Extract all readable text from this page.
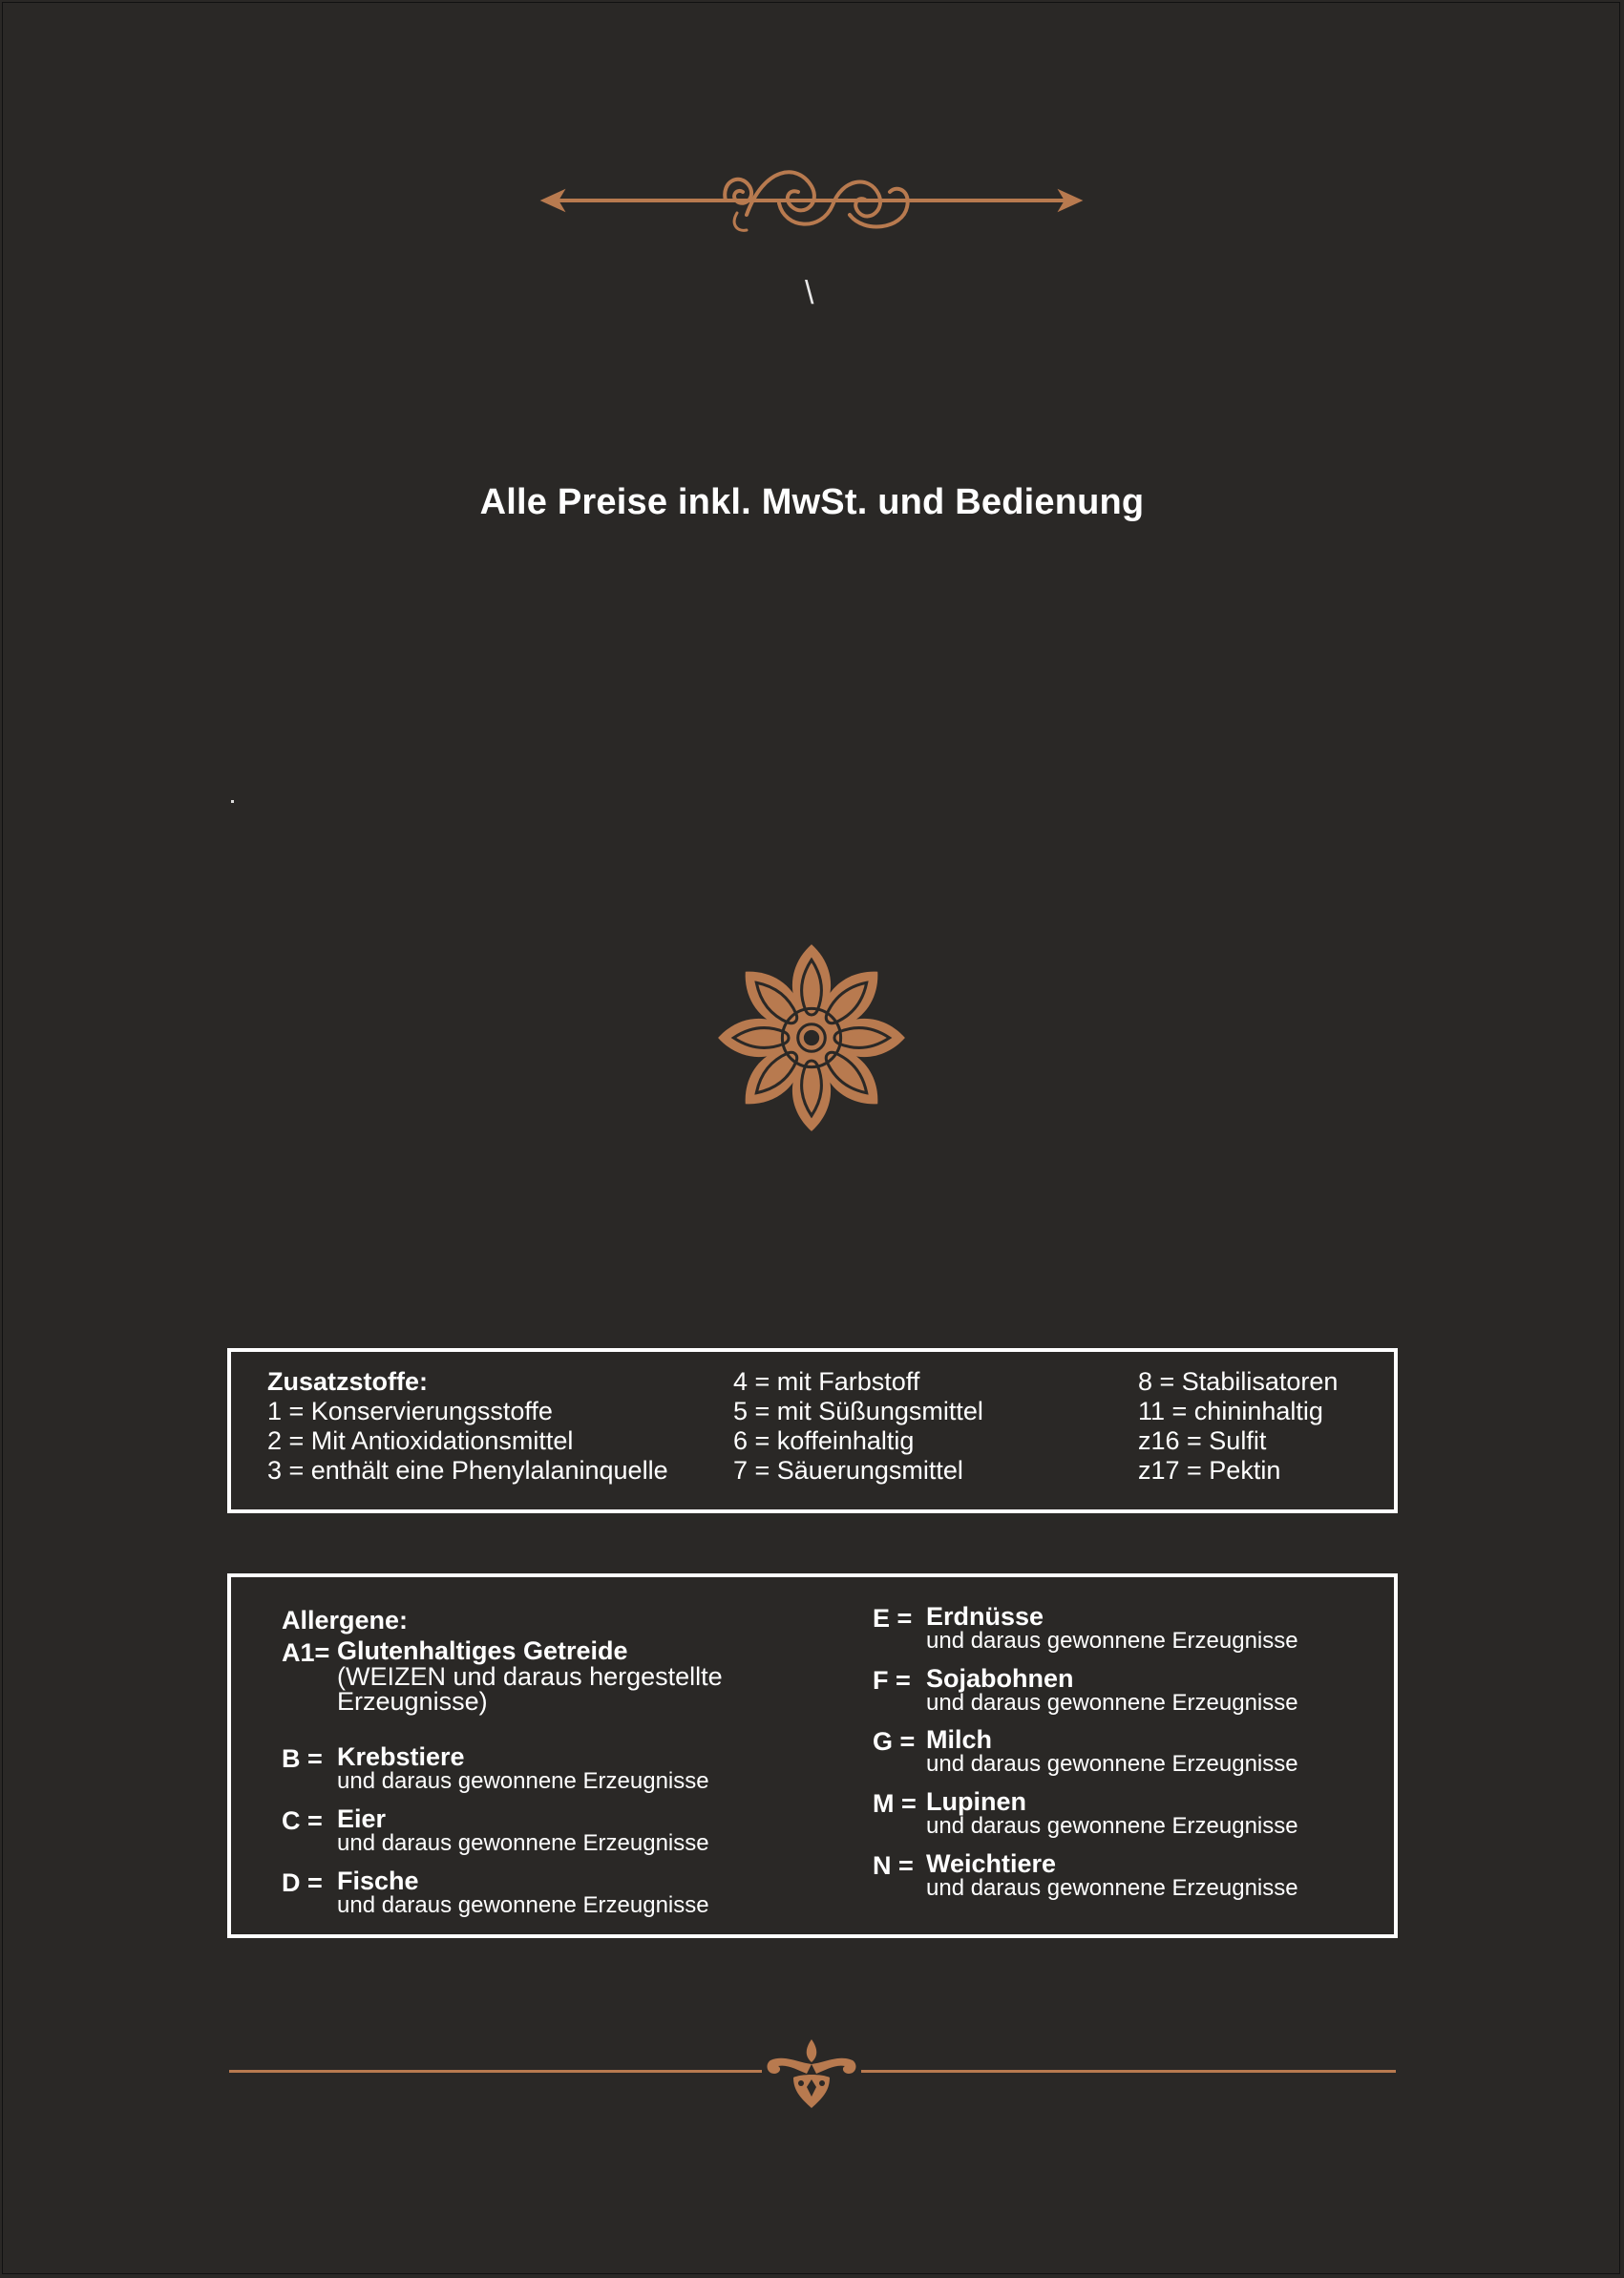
\
Alle Preise inkl. MwSt. und Bedienung
Zusatzstoffe:
1 = Konservierungsstoffe
2 = Mit Antioxidationsmittel
3 = enthält eine Phenylalaninquelle
4 = mit Farbstoff
5 = mit Süßungsmittel
6 = koffeinhaltig
7 = Säuerungsmittel
8 = Stabilisatoren
11 = chininhaltig
z16 = Sulfit
z17 = Pektin
Allergene:
A1= Glutenhaltiges Getreide
(WEIZEN und daraus hergestellte Erzeugnisse)
B = Krebstiere
und daraus gewonnene Erzeugnisse
C = Eier
und daraus gewonnene Erzeugnisse
D = Fische
und daraus gewonnene Erzeugnisse
E = Erdnüsse
und daraus gewonnene Erzeugnisse
F = Sojabohnen
und daraus gewonnene Erzeugnisse
G = Milch
und daraus gewonnene Erzeugnisse
M = Lupinen
und daraus gewonnene Erzeugnisse
N = Weichtiere
und daraus gewonnene Erzeugnisse
